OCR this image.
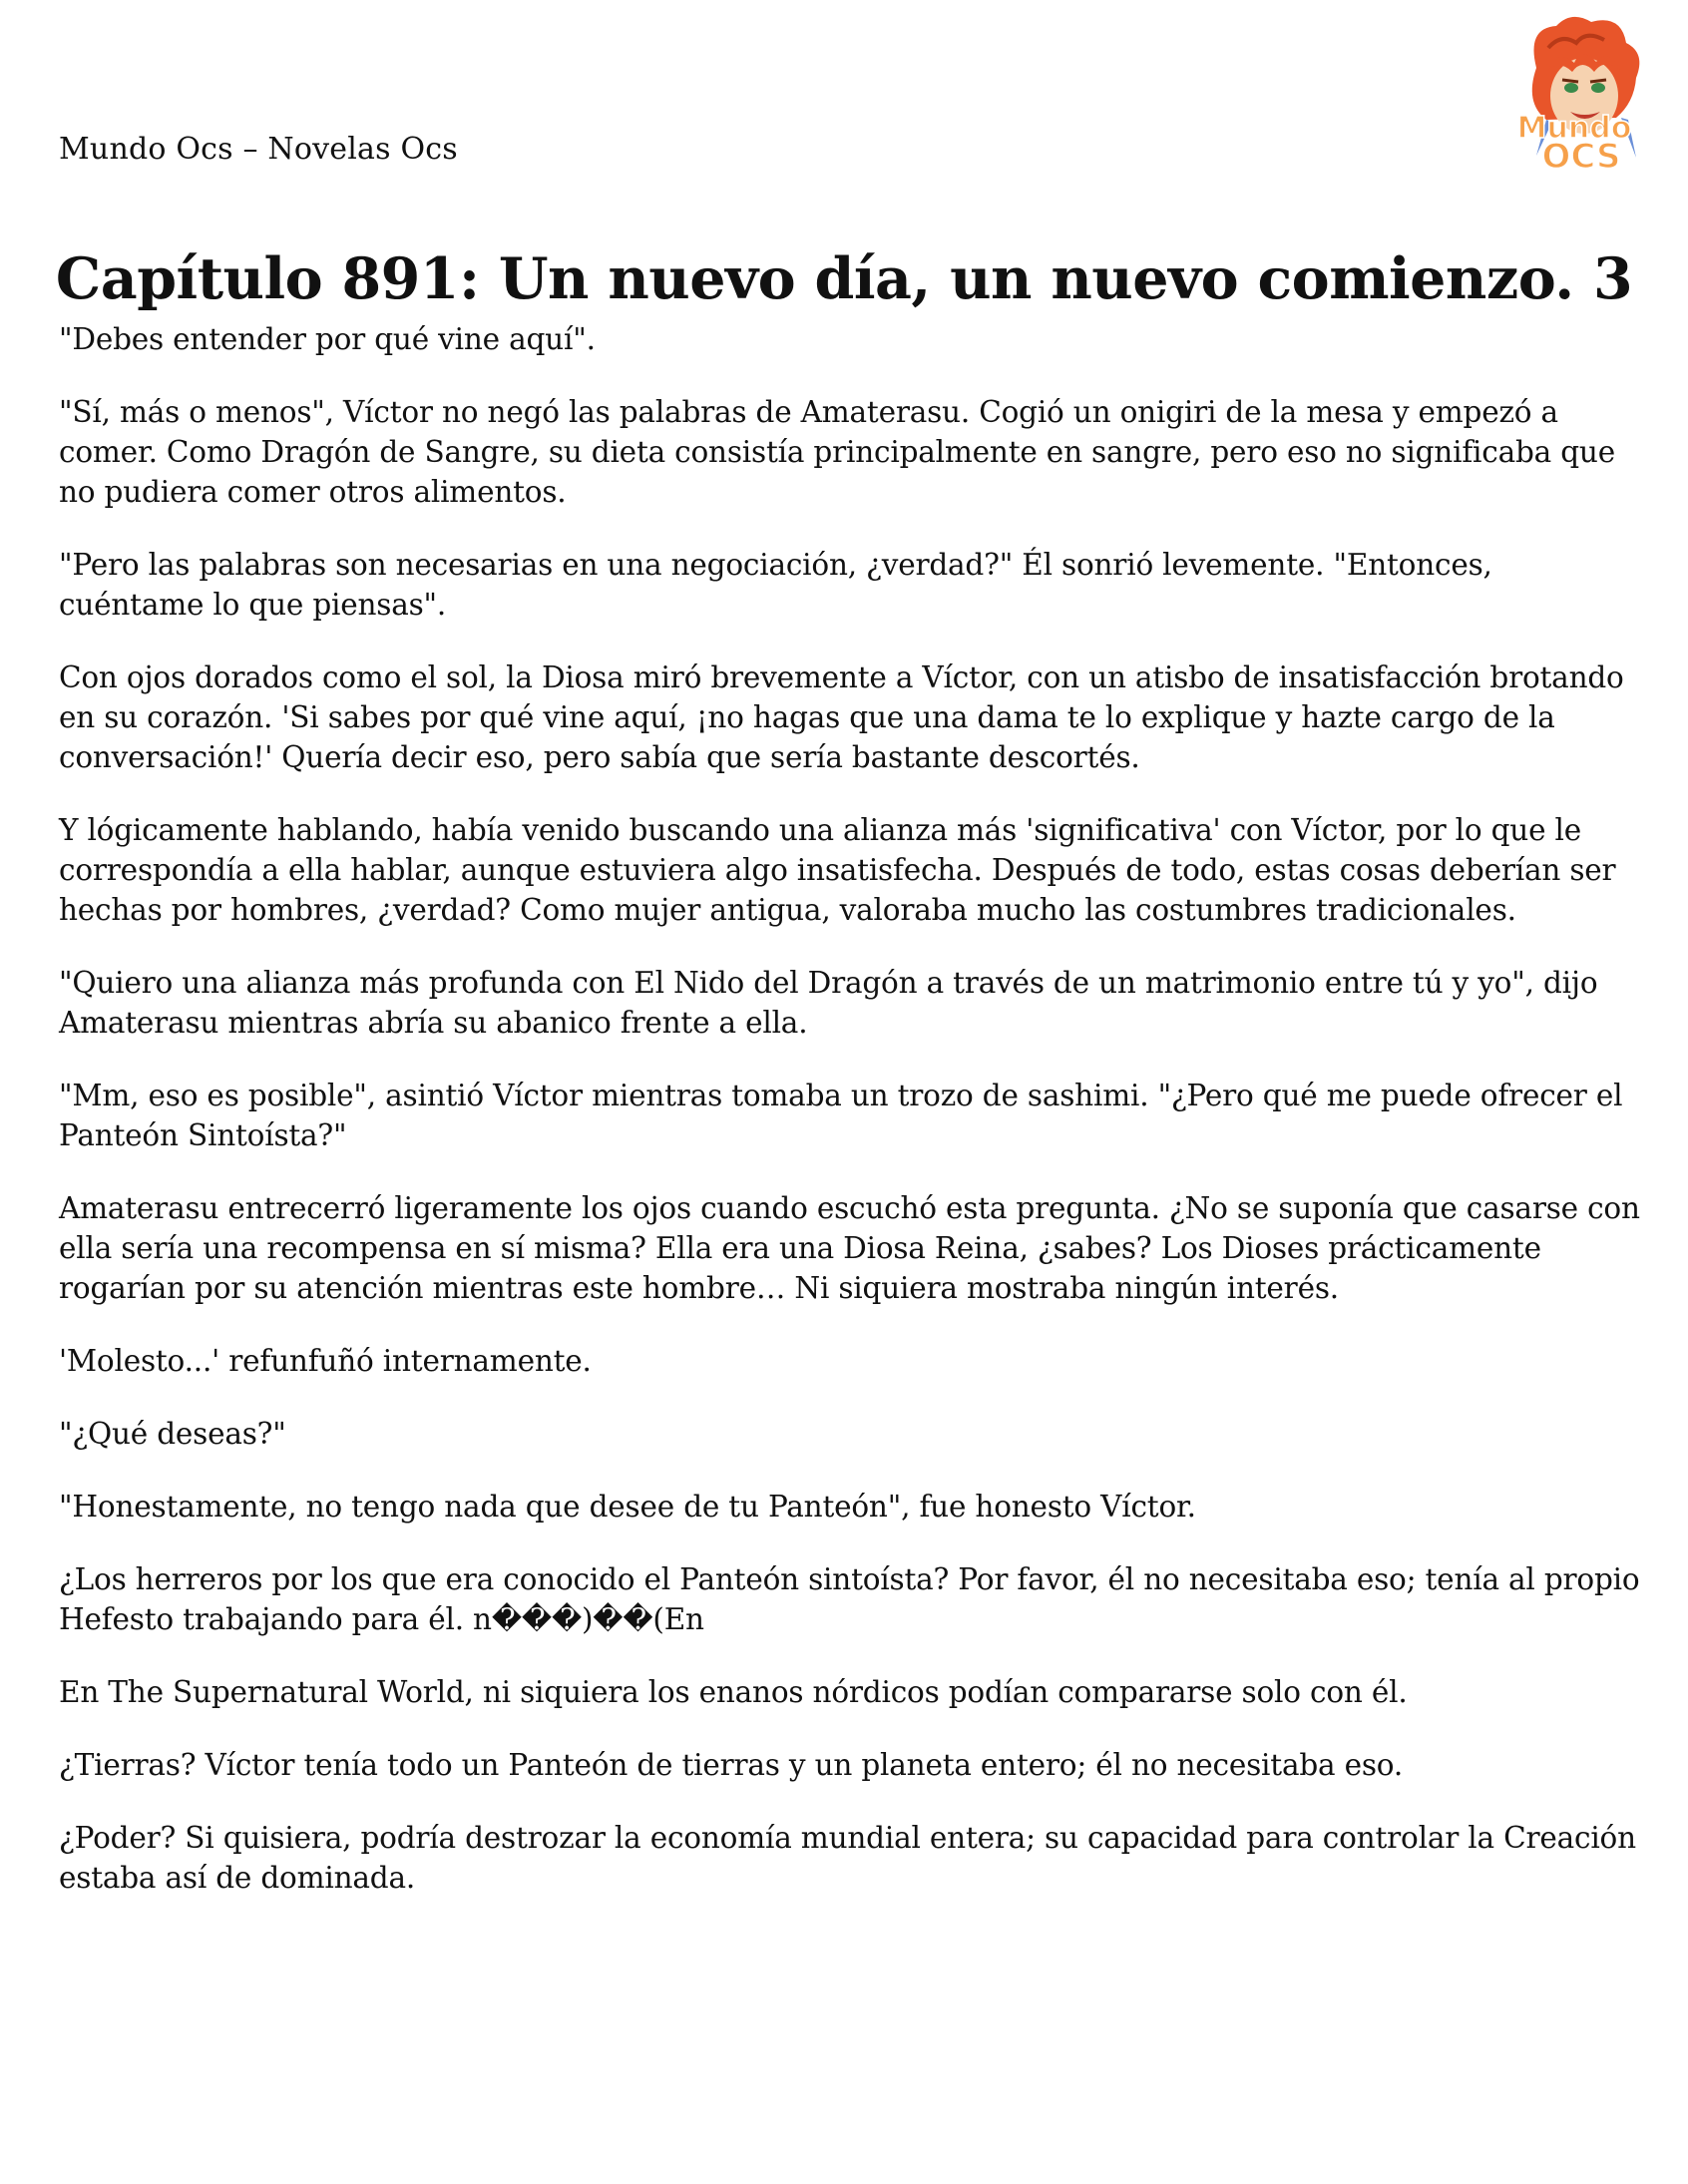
Mundo Ocs – Novelas Ocs
Mundo
OCS
Capítulo 891: Un nuevo día, un nuevo comienzo. 3

"Debes entender por qué vine aquí".

"Sí, más o menos", Víctor no negó las palabras de Amaterasu. Cogió un onigiri de la mesa y empezó a comer. Como Dragón de Sangre, su dieta consistía principalmente en sangre, pero eso no significaba que no pudiera comer otros alimentos.

"Pero las palabras son necesarias en una negociación, ¿verdad?" Él sonrió levemente. "Entonces, cuéntame lo que piensas".

Con ojos dorados como el sol, la Diosa miró brevemente a Víctor, con un atisbo de insatisfacción brotando en su corazón. 'Si sabes por qué vine aquí, ¡no hagas que una dama te lo explique y hazte cargo de la conversación!' Quería decir eso, pero sabía que sería bastante descortés.

Y lógicamente hablando, había venido buscando una alianza más 'significativa' con Víctor, por lo que le correspondía a ella hablar, aunque estuviera algo insatisfecha. Después de todo, estas cosas deberían ser hechas por hombres, ¿verdad? Como mujer antigua, valoraba mucho las costumbres tradicionales.

"Quiero una alianza más profunda con El Nido del Dragón a través de un matrimonio entre tú y yo", dijo Amaterasu mientras abría su abanico frente a ella.

"Mm, eso es posible", asintió Víctor mientras tomaba un trozo de sashimi. "¿Pero qué me puede ofrecer el Panteón Sintoísta?"

Amaterasu entrecerró ligeramente los ojos cuando escuchó esta pregunta. ¿No se suponía que casarse con ella sería una recompensa en sí misma? Ella era una Diosa Reina, ¿sabes? Los Dioses prácticamente rogarían por su atención mientras este hombre… Ni siquiera mostraba ningún interés.

'Molesto...' refunfuñó internamente.

"¿Qué deseas?"

"Honestamente, no tengo nada que desee de tu Panteón", fue honesto Víctor.

¿Los herreros por los que era conocido el Panteón sintoísta? Por favor, él no necesitaba eso; tenía al propio Hefesto trabajando para él. n���)��(En

En The Supernatural World, ni siquiera los enanos nórdicos podían compararse solo con él.

¿Tierras? Víctor tenía todo un Panteón de tierras y un planeta entero; él no necesitaba eso.

¿Poder? Si quisiera, podría destrozar la economía mundial entera; su capacidad para controlar la Creación estaba así de dominada.
